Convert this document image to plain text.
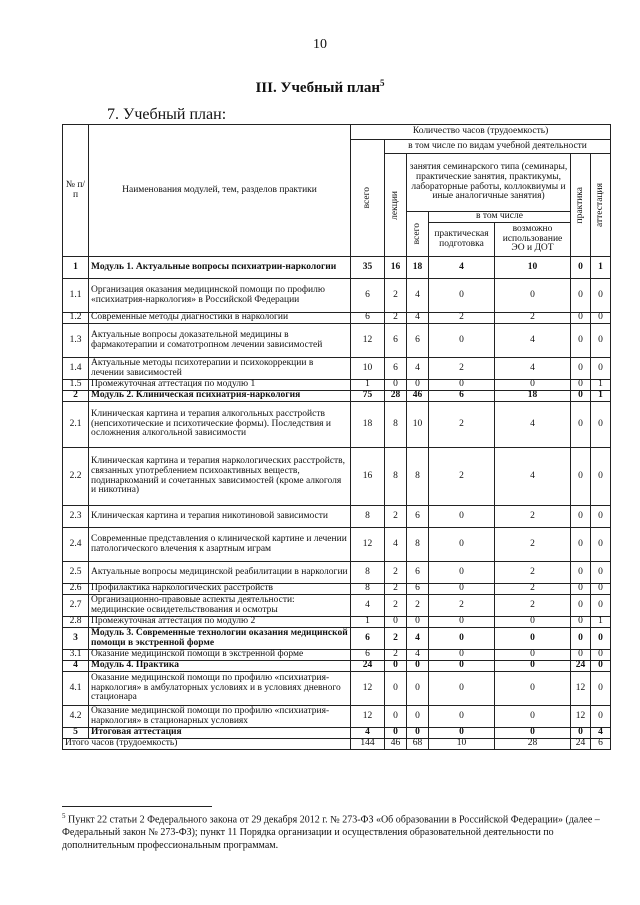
10
III. Учебный план$^5$
7. Учебный план:
№ п/п	Наименования модулей, тем, разделов практики	Количество часов (трудоемкость)						

		всего	в том числе по видам учебной деятельности					

			лекции	занятия семинарского типа (семинары, практические занятия, практикумы, лабораторные работы, коллоквиумы и иные аналогичные занятия)			практика	аттестация

				всего	в том числе			
					практическая подготовка	возможно использование ЭО и ДОТ		
1	Модуль 1. Актуальные вопросы психиатрии-наркологии	35	16	18	4	10	0	1
1.1	Организация оказания медицинской помощи по профилю «психиатрия-наркология» в Российской Федерации	6	2	4	0	0	0	0
1.2	Современные методы диагностики в наркологии	6	2	4	2	2	0	0
1.3	Актуальные вопросы доказательной медицины в фармакотерапии и соматотропном лечении зависимостей	12	6	6	0	4	0	0
1.4	Актуальные методы психотерапии и психокоррекции в лечении зависимостей	10	6	4	2	4	0	0
1.5	Промежуточная аттестация по модулю 1	1	0	0	0	0	0	1
2	Модуль 2. Клиническая психиатрия-наркология	75	28	46	6	18	0	1
2.1	Клиническая картина и терапия алкогольных расстройств (непсихотические и психотические формы). Последствия и осложнения алкогольной зависимости	18	8	10	2	4	0	0
2.2	Клиническая картина и терапия наркологических расстройств, связанных употреблением психоактивных веществ, подинаркоманий и сочетанных зависимостей (кроме алкоголя и никотина)	16	8	8	2	4	0	0
2.3	Клиническая картина и терапия никотиновой зависимости	8	2	6	0	2	0	0
2.4	Современные представления о клинической картине и лечении патологического влечения к азартным играм	12	4	8	0	2	0	0
2.5	Актуальные вопросы медицинской реабилитации в наркологии	8	2	6	0	2	0	0
2.6	Профилактика наркологических расстройств	8	2	6	0	2	0	0
2.7	Организационно-правовые аспекты деятельности: медицинские освидетельствования и осмотры	4	2	2	2	2	0	0
2.8	Промежуточная аттестация по модулю 2	1	0	0	0	0	0	1
3	Модуль 3. Современные технологии оказания медицинской помощи в экстренной форме	6	2	4	0	0	0	0
3.1	Оказание медицинской помощи в экстренной форме	6	2	4	0	0	0	0
4	Модуль 4. Практика	24	0	0	0	0	24	0
4.1	Оказание медицинской помощи по профилю «психиатрия-наркология» в амбулаторных условиях и в условиях дневного стационара	12	0	0	0	0	12	0
4.2	Оказание медицинской помощи по профилю «психиатрия-наркология» в стационарных условиях	12	0	0	0	0	12	0
5	Итоговая аттестация	4	0	0	0	0	0	4
Итого часов (трудоемкость)		144	46	68	10	28	24	6
$^5$ Пункт 22 статьи 2 Федерального закона от 29 декабря 2012 г. № 273-ФЗ «Об образовании в Российской Федерации» (далее – Федеральный закон № 273-ФЗ); пункт 11 Порядка организации и осуществления образовательной деятельности по дополнительным профессиональным программам.
